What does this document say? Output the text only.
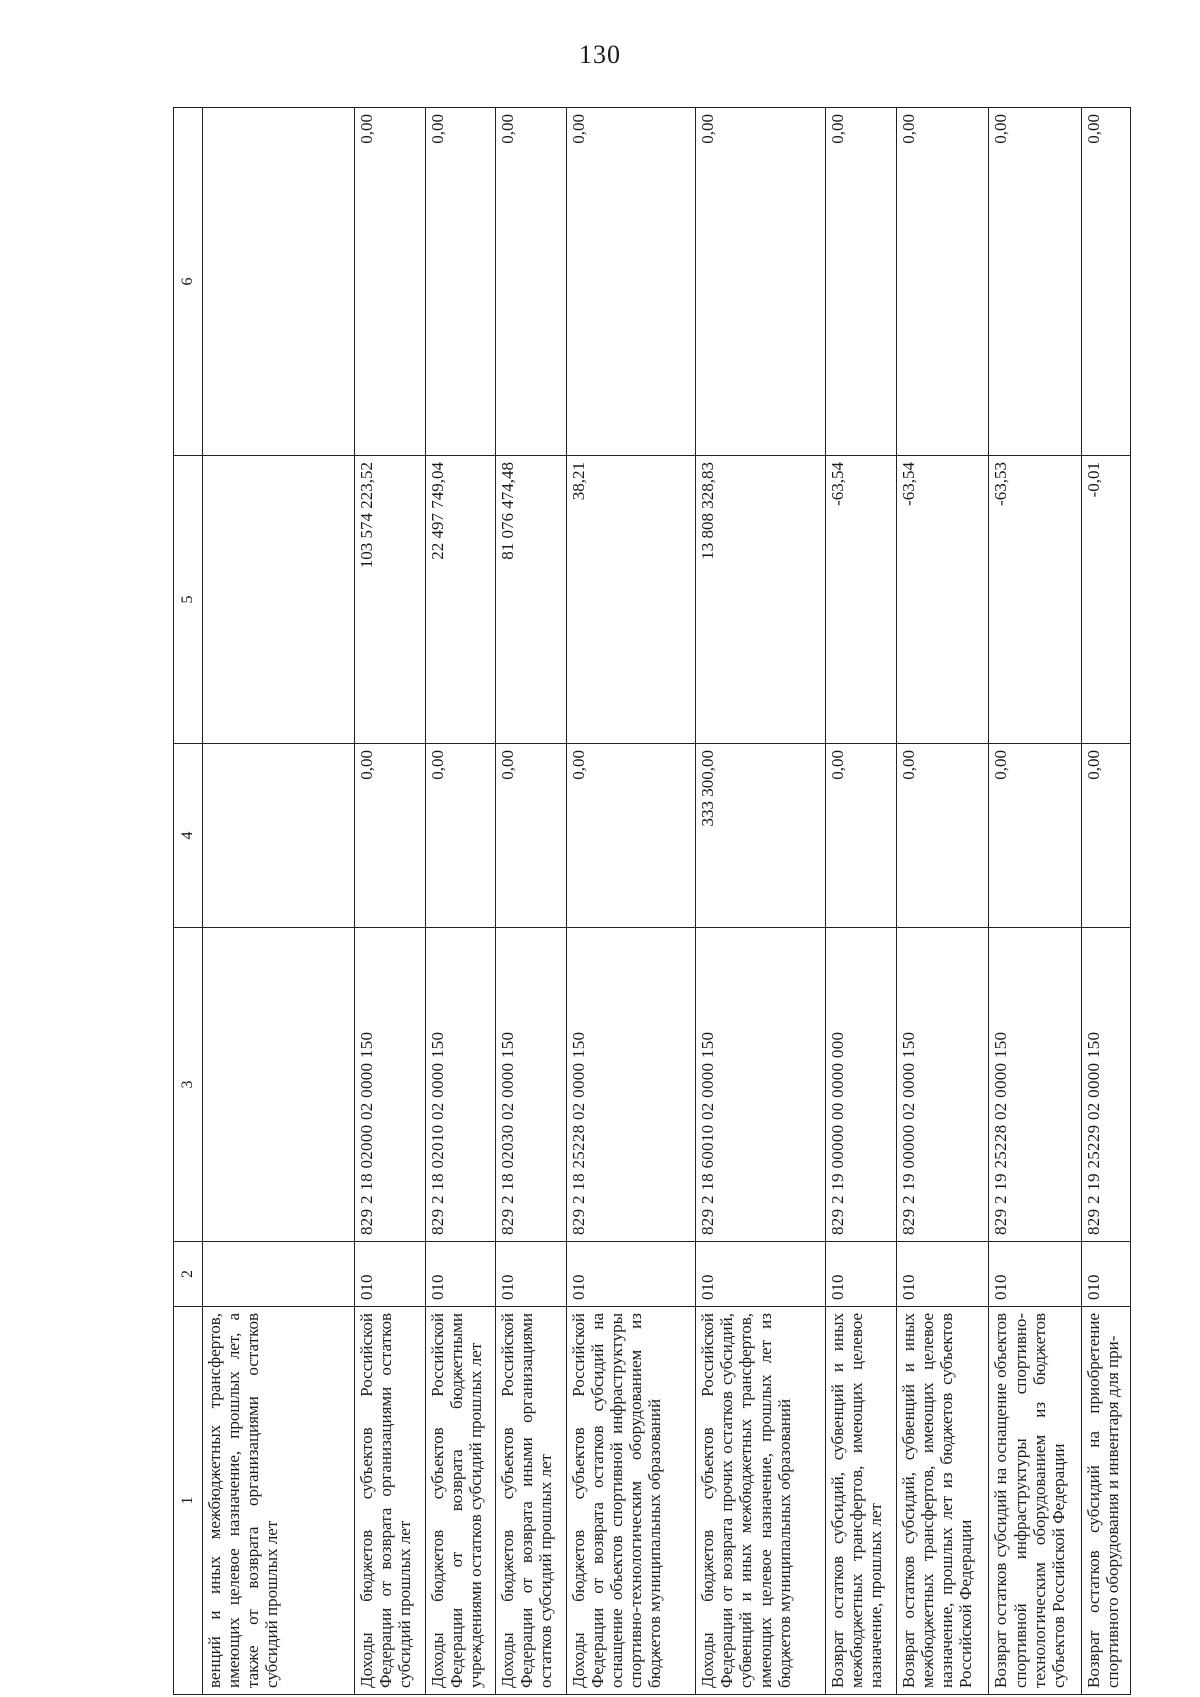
130
1	2	3	4	5	6
венций и иных межбюджетных трансфертов, имеющих целевое назначение, прошлых лет, а также от возврата организациями остатков субсидий прошлых лет					
Доходы бюджетов субъектов Российской Федерации от возврата организациями остатков субсидий прошлых лет	010	829 2 18 02000 02 0000 150	0,00	103 574 223,52	0,00
Доходы бюджетов субъектов Российской Федерации от возврата бюджетными учреждениями остатков субсидий прошлых лет	010	829 2 18 02010 02 0000 150	0,00	22 497 749,04	0,00
Доходы бюджетов субъектов Российской Федерации от возврата иными организациями остатков субсидий прошлых лет	010	829 2 18 02030 02 0000 150	0,00	81 076 474,48	0,00
Доходы бюджетов субъектов Российской Федерации от возврата остатков субсидий на оснащение объектов спортивной инфраструктуры спортивно-технологическим оборудованием из бюджетов муниципальных образований	010	829 2 18 25228 02 0000 150	0,00	38,21	0,00
Доходы бюджетов субъектов Российской Федерации от возврата прочих остатков субсидий, субвенций и иных межбюджетных трансфертов, имеющих целевое назначение, прошлых лет из бюджетов муниципальных образований	010	829 2 18 60010 02 0000 150	333 300,00	13 808 328,83	0,00
Возврат остатков субсидий, субвенций и иных межбюджетных трансфертов, имеющих целевое назначение, прошлых лет	010	829 2 19 00000 00 0000 000	0,00	-63,54	0,00
Возврат остатков субсидий, субвенций и иных межбюджетных трансфертов, имеющих целевое назначение, прошлых лет из бюджетов субъектов Российской Федерации	010	829 2 19 00000 02 0000 150	0,00	-63,54	0,00
Возврат остатков субсидий на оснащение объектов спортивной инфраструктуры спортивно-технологическим оборудованием из бюджетов субъектов Российской Федерации	010	829 2 19 25228 02 0000 150	0,00	-63,53	0,00
Возврат остатков субсидий на приобретение спортивного оборудования и инвентаря для при-	010	829 2 19 25229 02 0000 150	0,00	-0,01	0,00
